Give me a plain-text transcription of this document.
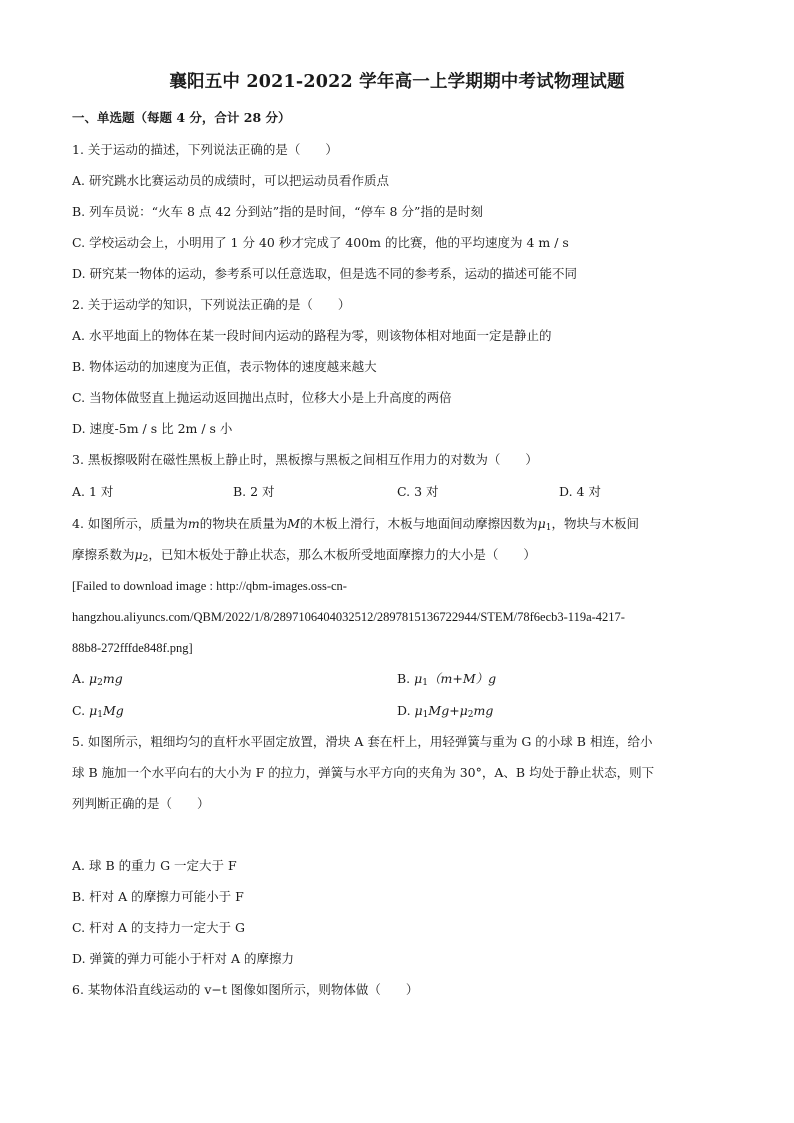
襄阳五中 2021-2022 学年高一上学期期中考试物理试题
一、单选题（每题 4 分，合计 28 分）
1. 关于运动的描述，下列说法正确的是（　　）
A. 研究跳水比赛运动员的成绩时，可以把运动员看作质点
B. 列车员说：“火车 8 点 42 分到站”指的是时间，“停车 8 分”指的是时刻
C. 学校运动会上，小明用了 1 分 40 秒才完成了 400m 的比赛，他的平均速度为 4 m / s
D. 研究某一物体的运动，参考系可以任意选取，但是选不同的参考系，运动的描述可能不同
2. 关于运动学的知识，下列说法正确的是（　　）
A. 水平地面上的物体在某一段时间内运动的路程为零，则该物体相对地面一定是静止的
B. 物体运动的加速度为正值，表示物体的速度越来越大
C. 当物体做竖直上抛运动返回抛出点时，位移大小是上升高度的两倍
D. 速度-5m / s 比 2m / s 小
3. 黑板擦吸附在磁性黑板上静止时，黑板擦与黑板之间相互作用力的对数为（　　）
A. 1 对	B. 2 对	C. 3 对	D. 4 对
4. 如图所示，质量为m的物块在质量为M的木板上滑行，木板与地面间动摩擦因数为$\mu_1$，物块与木板间
摩擦系数为$\mu_2$，已知木板处于静止状态，那么木板所受地面摩擦力的大小是（　　）
[Failed to download image : http://qbm-images.oss-cn-
hangzhou.aliyuncs.com/QBM/2022/1/8/2897106404032512/2897815136722944/STEM/78f6ecb3-119a-4217-
88b8-272fffde848f.png]
A. $\mu_2mg$	B. $\mu_1(m+M)g$
C. $\mu_1Mg$	D. $\mu_1Mg+\mu_2mg$
5. 如图所示，粗细均匀的直杆水平固定放置，滑块 A 套在杆上，用轻弹簧与重为 G 的小球 B 相连，给小
球 B 施加一个水平向右的大小为 F 的拉力，弹簧与水平方向的夹角为 30°，A、B 均处于静止状态，则下
列判断正确的是（　　）
A. 球 B 的重力 G 一定大于 F
B. 杆对 A 的摩擦力可能小于 F
C. 杆对 A 的支持力一定大于 G
D. 弹簧的弹力可能小于杆对 A 的摩擦力
6. 某物体沿直线运动的 v−t 图像如图所示，则物体做（　　）
